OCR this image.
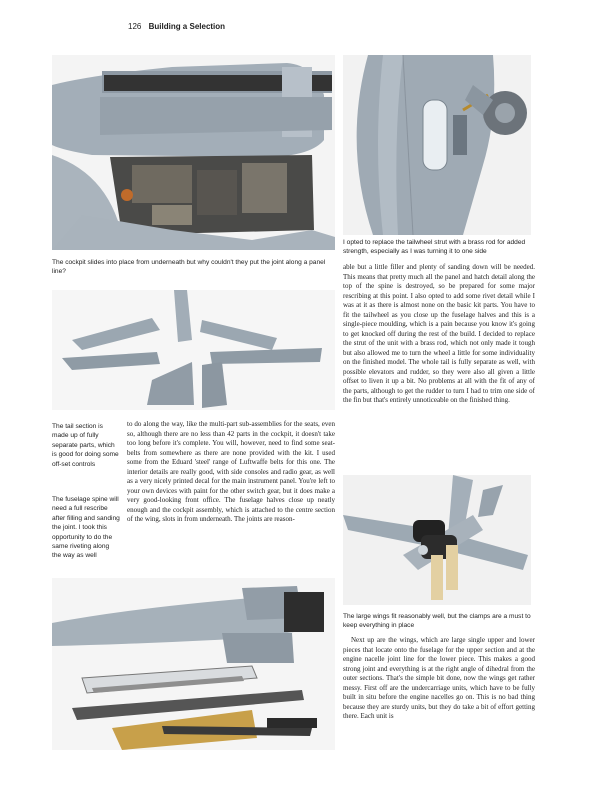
126 Building a Selection
The cockpit slides into place from underneath but why couldn't they put the joint along a panel line?
I opted to replace the tailwheel strut with a brass rod for added strength, especially as I was turning it to one side
The tail section is made up of fully separate parts, which is good for doing some off-set controls
The fuselage spine will need a full rescribe after filling and sanding the joint. I took this opportunity to do the same riveting along the way as well

to do along the way, like the multi-part sub-assemblies for the seats, even so, although there are no less than 42 parts in the cockpit, it doesn't take too long before it's complete. You will, however, need to find some seat-belts from somewhere as there are none provided with the kit. I used some from the Eduard 'steel' range of Luftwaffe belts for this one. The interior details are really good, with side consoles and radio gear, as well as a very nicely printed decal for the main instrument panel. You're left to your own devices with paint for the other switch gear, but it does make a very good-looking front office. The fuselage halves close up neatly enough and the cockpit assembly, which is attached to the centre section of the wing, slots in from underneath. The joints are reason-

able but a little filler and plenty of sanding down will be needed. This means that pretty much all the panel and hatch detail along the top of the spine is destroyed, so be prepared for some major rescribing at this point. I also opted to add some rivet detail while I was at it as there is almost none on the basic kit parts. You have to fit the tailwheel as you close up the fuselage halves and this is a single-piece moulding, which is a pain because you know it's going to get knocked off during the rest of the build. I decided to replace the strut of the unit with a brass rod, which not only made it tough but also allowed me to turn the wheel a little for some individuality on the finished model. The whole tail is fully separate as well, with possible elevators and rudder, so they were also all given a little offset to liven it up a bit. No problems at all with the fit of any of the parts, although to get the rudder to turn I had to trim one side of the fin but that's entirely unnoticeable on the finished thing.

The large wings fit reasonably well, but the clamps are a must to keep everything in place

Next up are the wings, which are large single upper and lower pieces that locate onto the fuselage for the upper section and at the engine nacelle joint line for the lower piece. This makes a good strong joint and everything is at the right angle of dihedral from the outer sections. That's the simple bit done, now the wings get rather messy. First off are the undercarriage units, which have to be fully built in situ before the engine nacelles go on. This is no bad thing because they are sturdy units, but they do take a bit of effort getting there. Each unit is
